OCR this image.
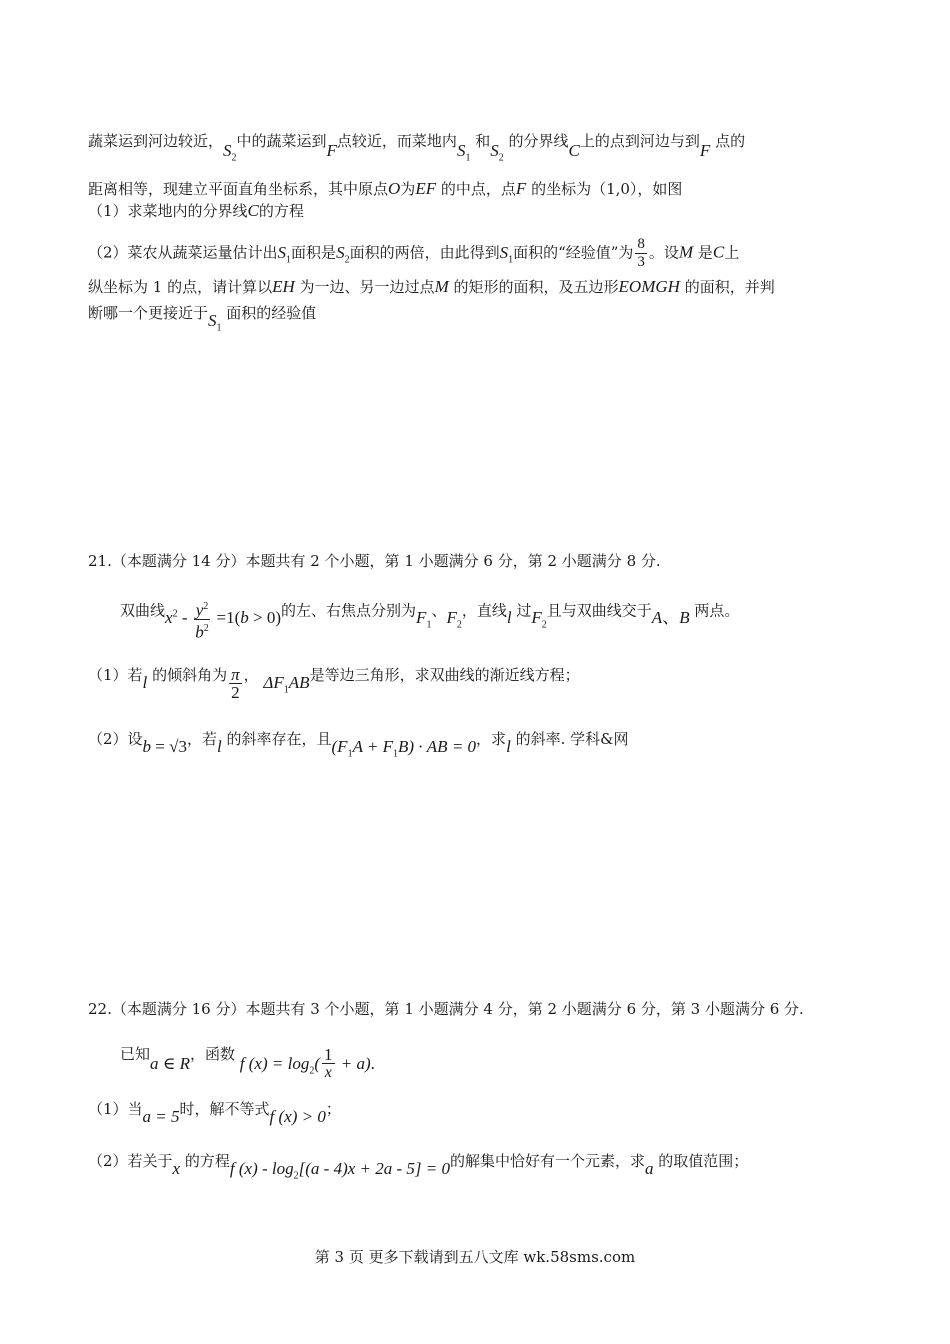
蔬菜运到河边较近，$S_2$中的蔬菜运到F点较近，而菜地内$S_1$ 和$S_2$ 的分界线C上的点到河边与到F 点的
距离相等，现建立平面直角坐标系，其中原点O为EF 的中点，点F 的坐标为（1,0），如图
（1）求菜地内的分界线C的方程
（2）菜农从蔬菜运量估计出$S_1$面积是$S_2$面积的两倍，由此得到$S_1$面积的“经验值”为 $\frac{8}{3}$ 。设M 是C上
纵坐标为 1 的点，请计算以EH 为一边、另一边过点M 的矩形的面积，及五边形EOMGH 的面积，并判
断哪一个更接近于$S_1$ 面积的经验值
21.（本题满分 14 分）本题共有 2 个小题，第 1 小题满分 6 分，第 2 小题满分 8 分.
双曲线$x^2 - \frac{y^2}{b^2} =1(b > 0)$的左、右焦点分别为$F_1$、$F_2$，直线l 过$F_2$且与双曲线交于A、B 两点。
（1）若l 的倾斜角为 $\frac{\pi}{2}$ ， $\Delta F_1AB$是等边三角形，求双曲线的渐近线方程；
（2）设b = √3，若l 的斜率存在，且$(F_1A + F_1B)$ · AB = 0，求l 的斜率. 学科&网
22.（本题满分 16 分）本题共有 3 个小题，第 1 小题满分 4 分，第 2 小题满分 6 分，第 3 小题满分 6 分.
已知a ∈ R，函数 f $(x) = \log_2( \frac{1}{x} + a)$.
（1）当a = 5时，解不等式f (x) > 0；
（2）若关于x 的方程f $(x) - \log_2[(a - 4)x + 2a - 5] = 0$的解集中恰好有一个元素，求a 的取值范围；
第 3 页 更多下载请到五八文库 wk.58sms.com
